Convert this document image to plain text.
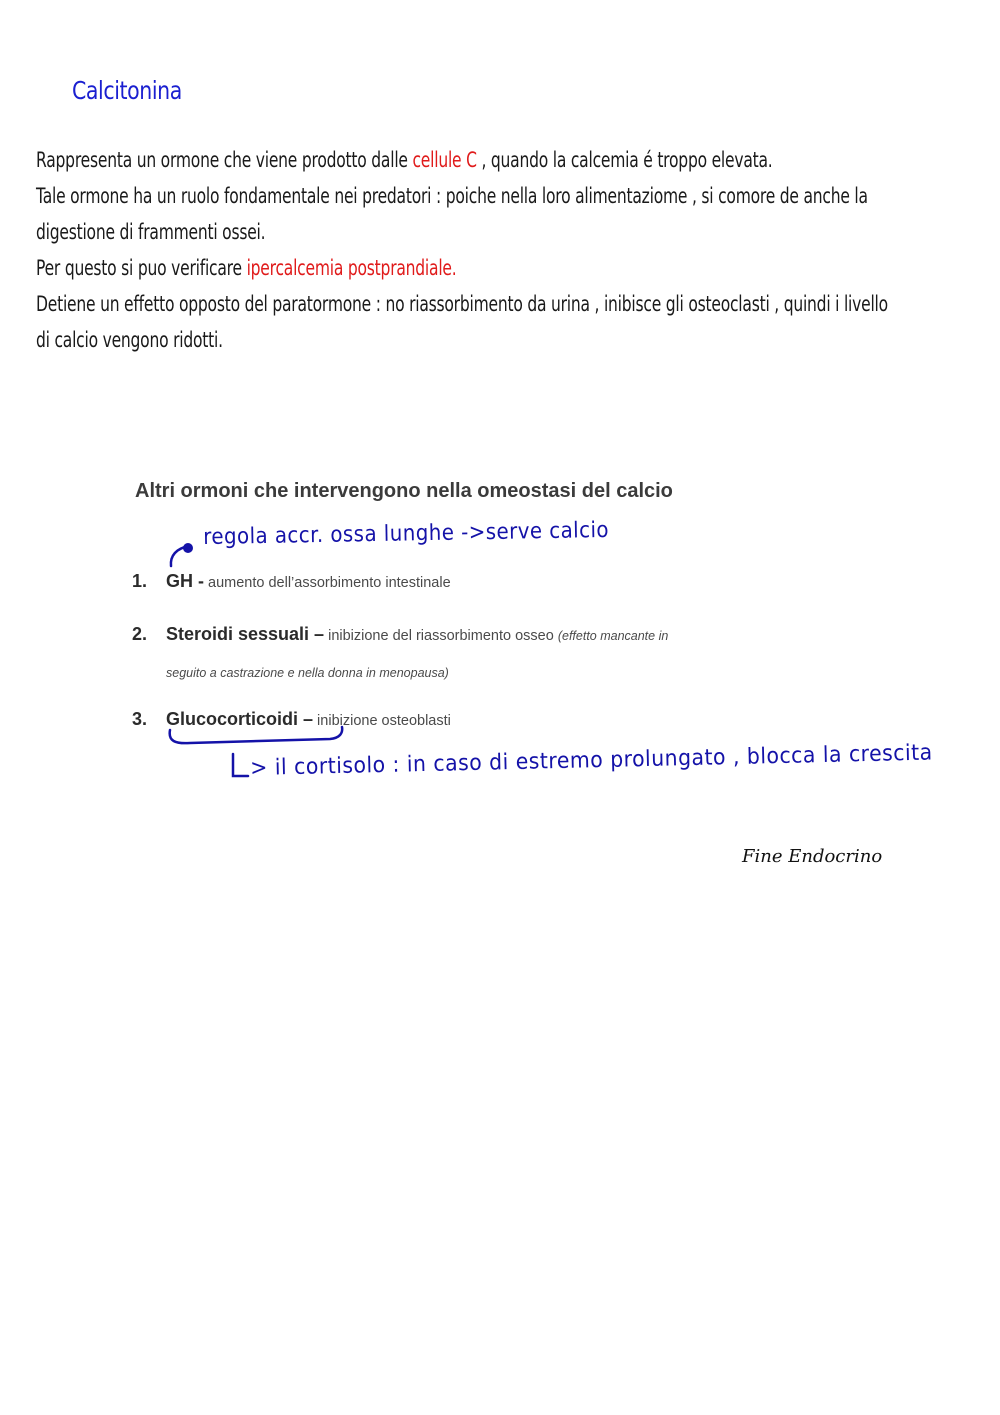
Calcitonina
Rappresenta un ormone che viene prodotto dalle cellule C , quando la calcemia é troppo elevata.
Tale ormone ha un ruolo fondamentale nei predatori : poiche nella loro alimentaziome , si comore de anche la
digestione di frammenti ossei.
Per questo si puo verificare ipercalcemia postprandiale.
Detiene un effetto opposto del paratormone : no riassorbimento da urina , inibisce gli osteoclasti , quindi i livello
di calcio vengono ridotti.
Altri ormoni che intervengono nella omeostasi del calcio
1. GH - aumento dell’assorbimento intestinale
2. Steroidi sessuali – inibizione del riassorbimento osseo (effetto mancante in
seguito a castrazione e nella donna in menopausa)
3. Glucocorticoidi – inibizione osteoblasti
regola accr. ossa lunghe ->serve calcio
> il cortisolo : in caso di estremo prolungato , blocca la crescita
Fine Endocrino
